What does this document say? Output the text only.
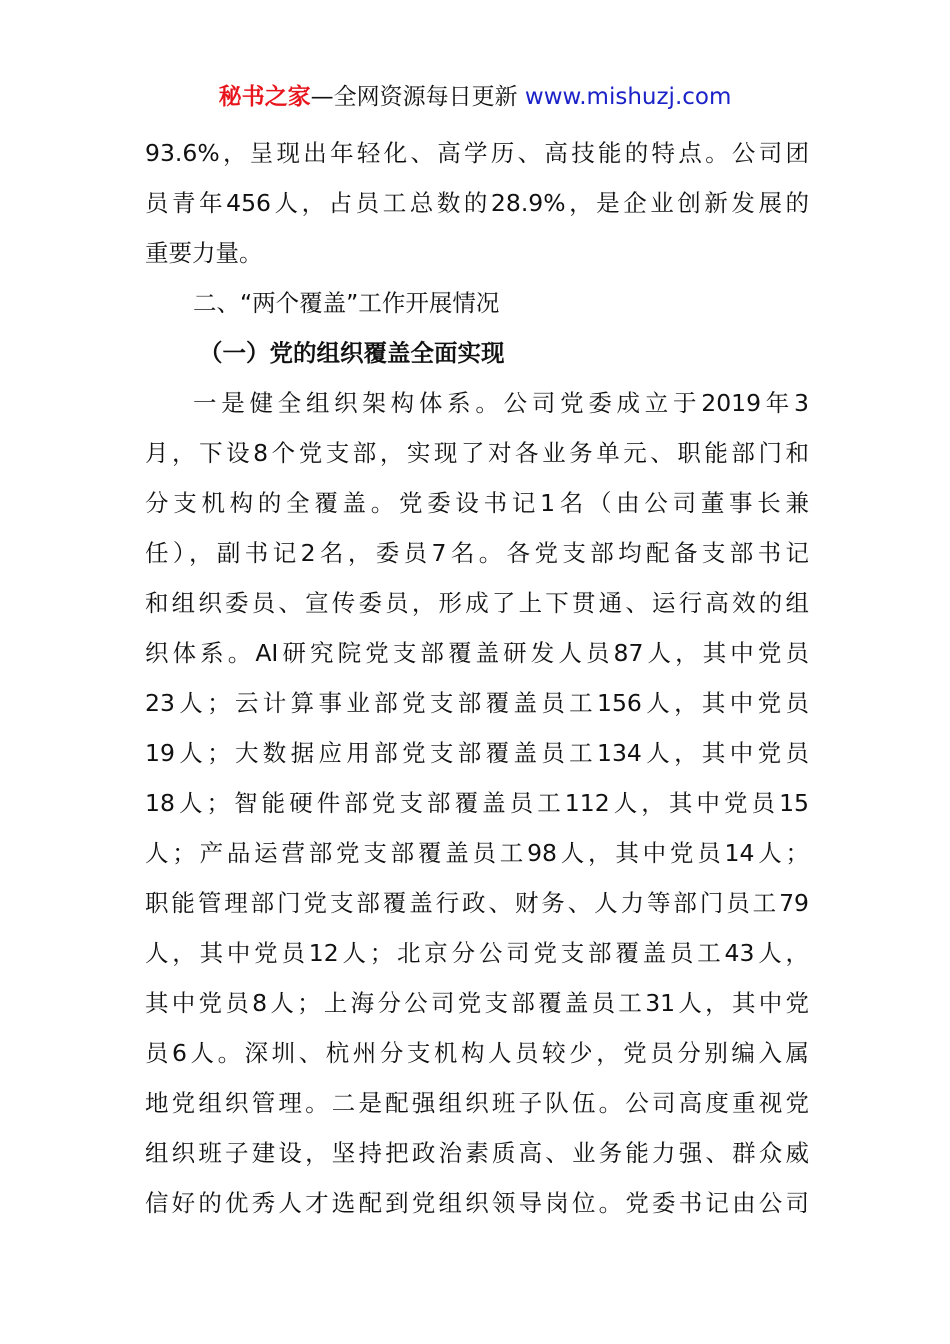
秘书之家—全网资源每日更新 www.mishuzj.com
93.6%，呈现出年轻化、高学历、高技能的特点。公司团
员青年456人，占员工总数的28.9%，是企业创新发展的
重要力量。
二、“两个覆盖”工作开展情况
（一）党的组织覆盖全面实现
一是健全组织架构体系。公司党委成立于2019年3
月，下设8个党支部，实现了对各业务单元、职能部门和
分支机构的全覆盖。党委设书记1名（由公司董事长兼
任），副书记2名，委员7名。各党支部均配备支部书记
和组织委员、宣传委员，形成了上下贯通、运行高效的组
织体系。AI研究院党支部覆盖研发人员87人，其中党员
23人；云计算事业部党支部覆盖员工156人，其中党员
19人；大数据应用部党支部覆盖员工134人，其中党员
18人；智能硬件部党支部覆盖员工112人，其中党员15
人；产品运营部党支部覆盖员工98人，其中党员14人；
职能管理部门党支部覆盖行政、财务、人力等部门员工79
人，其中党员12人；北京分公司党支部覆盖员工43人，
其中党员8人；上海分公司党支部覆盖员工31人，其中党
员6人。深圳、杭州分支机构人员较少，党员分别编入属
地党组织管理。二是配强组织班子队伍。公司高度重视党
组织班子建设，坚持把政治素质高、业务能力强、群众威
信好的优秀人才选配到党组织领导岗位。党委书记由公司
